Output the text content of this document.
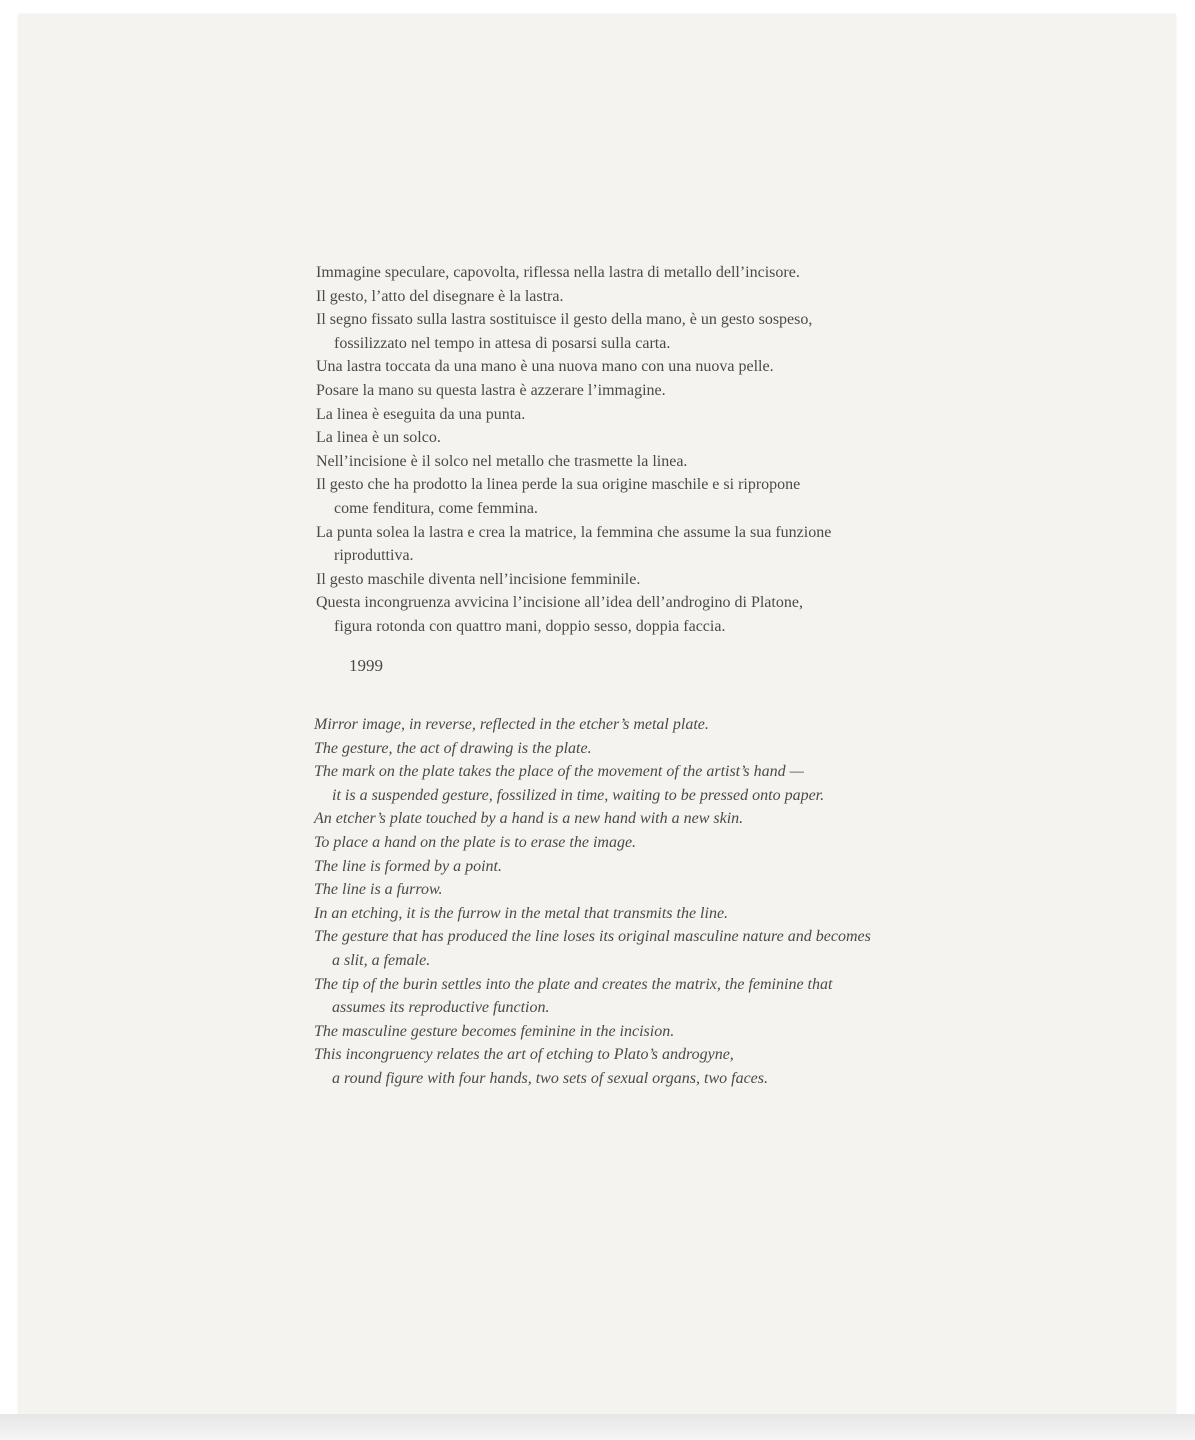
Immagine speculare, capovolta, riflessa nella lastra di metallo dell’incisore.
Il gesto, l’atto del disegnare è la lastra.
Il segno fissato sulla lastra sostituisce il gesto della mano, è un gesto sospeso,
fossilizzato nel tempo in attesa di posarsi sulla carta.
Una lastra toccata da una mano è una nuova mano con una nuova pelle.
Posare la mano su questa lastra è azzerare l’immagine.
La linea è eseguita da una punta.
La linea è un solco.
Nell’incisione è il solco nel metallo che trasmette la linea.
Il gesto che ha prodotto la linea perde la sua origine maschile e si ripropone
come fenditura, come femmina.
La punta solea la lastra e crea la matrice, la femmina che assume la sua funzione
riproduttiva.
Il gesto maschile diventa nell’incisione femminile.
Questa incongruenza avvicina l’incisione all’idea dell’androgino di Platone,
figura rotonda con quattro mani, doppio sesso, doppia faccia.
1999
Mirror image, in reverse, reflected in the etcher’s metal plate.
The gesture, the act of drawing is the plate.
The mark on the plate takes the place of the movement of the artist’s hand —
it is a suspended gesture, fossilized in time, waiting to be pressed onto paper.
An etcher’s plate touched by a hand is a new hand with a new skin.
To place a hand on the plate is to erase the image.
The line is formed by a point.
The line is a furrow.
In an etching, it is the furrow in the metal that transmits the line.
The gesture that has produced the line loses its original masculine nature and becomes
a slit, a female.
The tip of the burin settles into the plate and creates the matrix, the feminine that
assumes its reproductive function.
The masculine gesture becomes feminine in the incision.
This incongruency relates the art of etching to Plato’s androgyne,
a round figure with four hands, two sets of sexual organs, two faces.
